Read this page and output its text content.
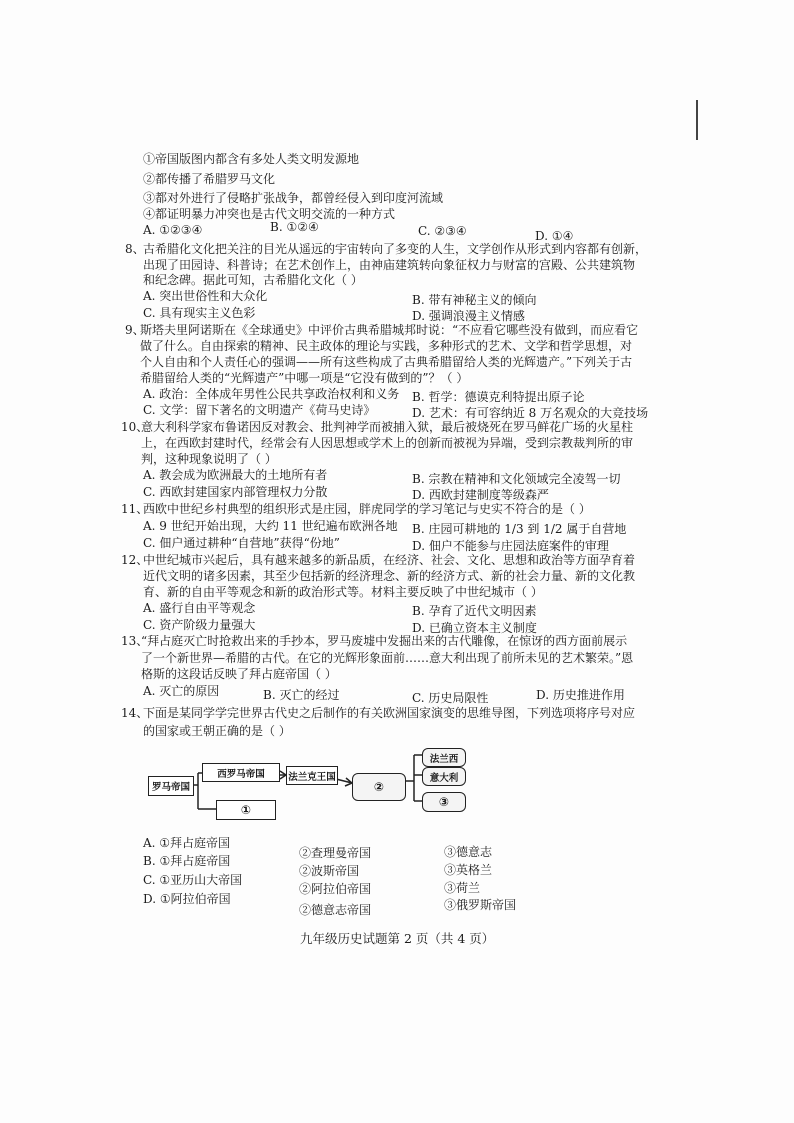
①帝国版图内都含有多处人类文明发源地
②都传播了希腊罗马文化
③都对外进行了侵略扩张战争，都曾经侵入到印度河流域
④都证明暴力冲突也是古代文明交流的一种方式
A. ①②③④	B. ①②④	C. ②③④	D. ①④
8、
古希腊化文化把关注的目光从遥远的宇宙转向了多变的人生，文学创作从形式到内容都有创新，
出现了田园诗、科普诗；在艺术创作上，由神庙建筑转向象征权力与财富的宫殿、公共建筑物
和纪念碑。据此可知，古希腊化文化（ ）
A. 突出世俗性和大众化	B. 带有神秘主义的倾向
C. 具有现实主义色彩	D. 强调浪漫主义情感
9、
斯塔夫里阿诺斯在《全球通史》中评价古典希腊城邦时说：“不应看它哪些没有做到，而应看它
做了什么。自由探索的精神、民主政体的理论与实践，多种形式的艺术、文学和哲学思想，对
个人自由和个人责任心的强调——所有这些构成了古典希腊留给人类的光辉遗产。”下列关于古
希腊留给人类的“光辉遗产”中哪一项是“它没有做到的”？（ ）
A. 政治：全体成年男性公民共享政治权利和义务 B. 哲学：德谟克利特提出原子论
C. 文学：留下著名的文明遗产《荷马史诗》	D. 艺术：有可容纳近 8 万名观众的大竞技场
10、
意大利科学家布鲁诺因反对教会、批判神学而被捕入狱，最后被烧死在罗马鲜花广场的火星柱
上，在西欧封建时代，经常会有人因思想或学术上的创新而被视为异端，受到宗教裁判所的审
判，这种现象说明了（ ）
A. 教会成为欧洲最大的土地所有者	B. 宗教在精神和文化领域完全凌驾一切
C. 西欧封建国家内部管理权力分散	D. 西欧封建制度等级森严
11、
西欧中世纪乡村典型的组织形式是庄园，胖虎同学的学习笔记与史实不符合的是（ ）
A. 9 世纪开始出现，大约 11 世纪遍布欧洲各地 B. 庄园可耕地的 1/3 到 1/2 属于自营地
C. 佃户通过耕种“自营地”获得“份地”	D. 佃户不能参与庄园法庭案件的审理
12、
中世纪城市兴起后，具有越来越多的新品质，在经济、社会、文化、思想和政治等方面孕育着
近代文明的诸多因素，其至少包括新的经济理念、新的经济方式、新的社会力量、新的文化教
育、新的自由平等观念和新的政治形式等。材料主要反映了中世纪城市（ ）
A. 盛行自由平等观念	B. 孕育了近代文明因素
C. 资产阶级力量强大	D. 已确立资本主义制度
13、
“拜占庭灭亡时抢救出来的手抄本，罗马废墟中发掘出来的古代雕像，在惊讶的西方面前展示
了一个新世界—希腊的古代。在它的光辉形象面前……意大利出现了前所未见的艺术繁荣。”恩
格斯的这段话反映了拜占庭帝国（ ）
A. 灭亡的原因	B. 灭亡的经过	C. 历史局限性	D. 历史推进作用
14、
下面是某同学学完世界古代史之后制作的有关欧洲国家演变的思维导图，下列选项将序号对应
的国家或王朝正确的是（ ）
罗马帝国
西罗马帝国
①
法兰克王国
②
法兰西
意大利
③
A. ①拜占庭帝国
②查理曼帝国	③德意志
B. ①拜占庭帝国
②波斯帝国	③英格兰
C. ①亚历山大帝国
②阿拉伯帝国	③荷兰
D. ①阿拉伯帝国
②德意志帝国	③俄罗斯帝国
九年级历史试题第 2 页（共 4 页）
